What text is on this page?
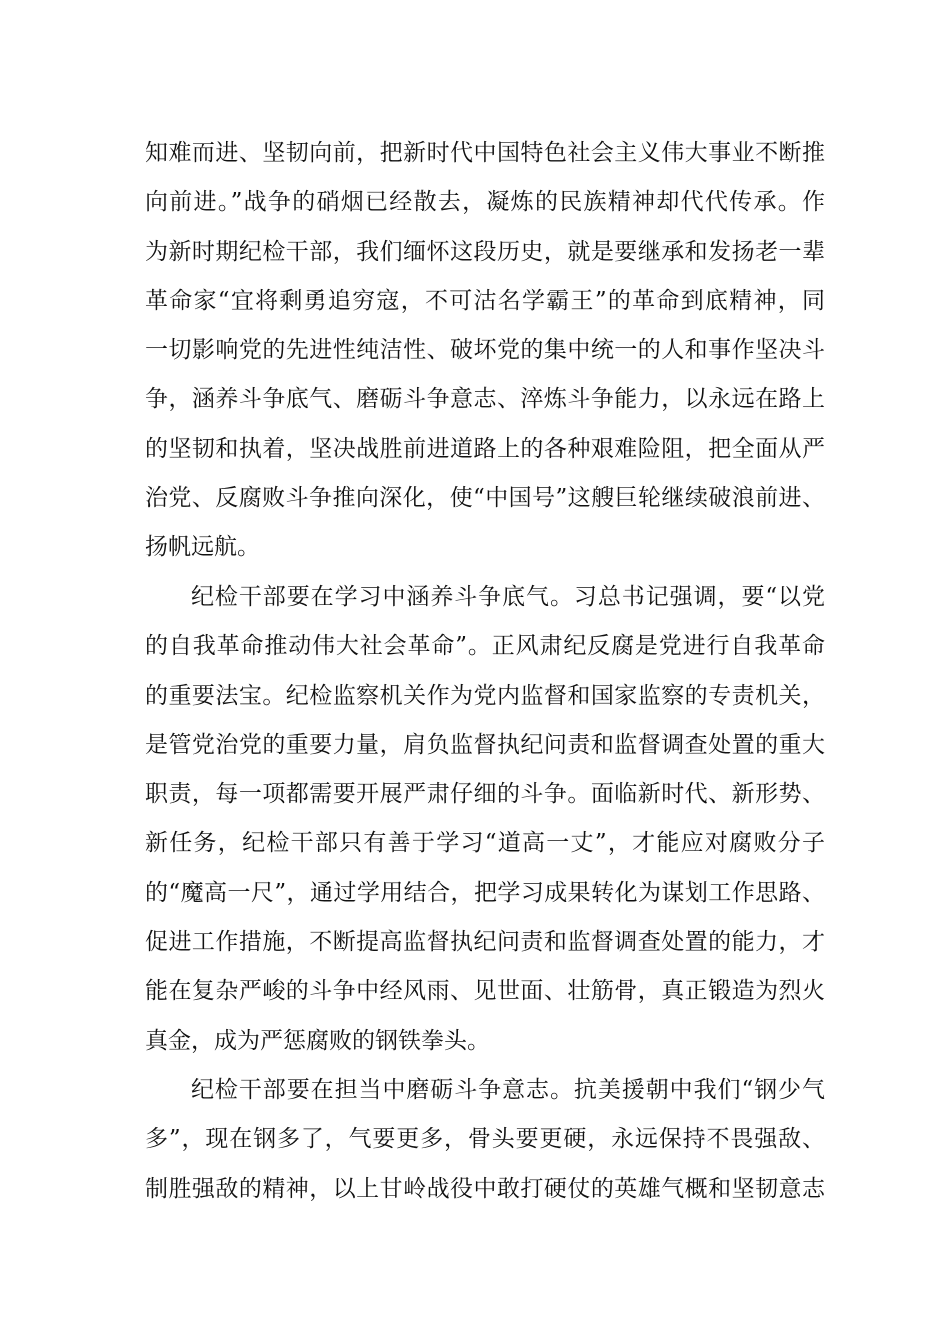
知难而进、坚韧向前，把新时代中国特色社会主义伟大事业不断推
向前进。”战争的硝烟已经散去，凝炼的民族精神却代代传承。作
为新时期纪检干部，我们缅怀这段历史，就是要继承和发扬老一辈
革命家“宜将剩勇追穷寇，不可沽名学霸王”的革命到底精神，同
一切影响党的先进性纯洁性、破坏党的集中统一的人和事作坚决斗
争，涵养斗争底气、磨砺斗争意志、淬炼斗争能力，以永远在路上
的坚韧和执着，坚决战胜前进道路上的各种艰难险阻，把全面从严
治党、反腐败斗争推向深化，使“中国号”这艘巨轮继续破浪前进、
扬帆远航。
纪检干部要在学习中涵养斗争底气。习总书记强调，要“以党
的自我革命推动伟大社会革命”。正风肃纪反腐是党进行自我革命
的重要法宝。纪检监察机关作为党内监督和国家监察的专责机关，
是管党治党的重要力量，肩负监督执纪问责和监督调查处置的重大
职责，每一项都需要开展严肃仔细的斗争。面临新时代、新形势、
新任务，纪检干部只有善于学习“道高一丈”，才能应对腐败分子
的“魔高一尺”，通过学用结合，把学习成果转化为谋划工作思路、
促进工作措施，不断提高监督执纪问责和监督调查处置的能力，才
能在复杂严峻的斗争中经风雨、见世面、壮筋骨，真正锻造为烈火
真金，成为严惩腐败的钢铁拳头。
纪检干部要在担当中磨砺斗争意志。抗美援朝中我们“钢少气
多”，现在钢多了，气要更多，骨头要更硬，永远保持不畏强敌、
制胜强敌的精神，以上甘岭战役中敢打硬仗的英雄气概和坚韧意志
